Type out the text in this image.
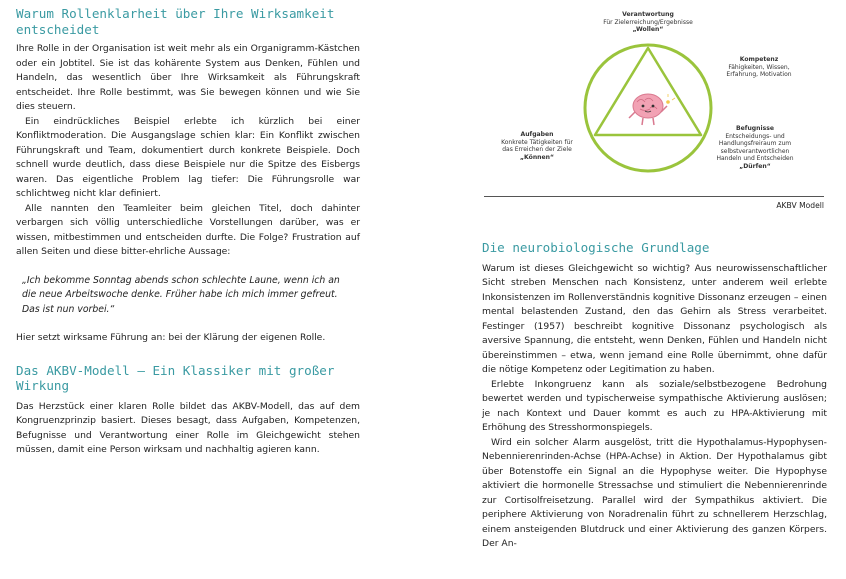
Warum Rollenklarheit über Ihre Wirksamkeit entscheidet

Ihre Rolle in der Organisation ist weit mehr als ein Organigramm-Kästchen oder ein Jobtitel. Sie ist das kohärente System aus Denken, Fühlen und Handeln, das wesentlich über Ihre Wirksamkeit als Führungskraft entscheidet. Ihre Rolle bestimmt, was Sie bewegen können und wie Sie dies steuern.

Ein eindrückliches Beispiel erlebte ich kürzlich bei einer Konfliktmoderation. Die Ausgangslage schien klar: Ein Konflikt zwischen Führungskraft und Team, dokumentiert durch konkrete Beispiele. Doch schnell wurde deutlich, dass diese Beispiele nur die Spitze des Eisbergs waren. Das eigentliche Problem lag tiefer: Die Führungsrolle war schlichtweg nicht klar definiert.

Alle nannten den Teamleiter beim gleichen Titel, doch dahinter verbargen sich völlig unterschiedliche Vorstellungen darüber, was er wissen, mitbestimmen und entscheiden durfte. Die Folge? Frustration auf allen Seiten und diese bitter-ehrliche Aussage:

„Ich bekomme Sonntag abends schon schlechte Laune, wenn ich an die neue Arbeitswoche denke. Früher habe ich mich immer gefreut. Das ist nun vorbei.“

Hier setzt wirksame Führung an: bei der Klärung der eigenen Rolle.

Das AKBV-Modell – Ein Klassiker mit großer Wirkung

Das Herzstück einer klaren Rolle bildet das AKBV-Modell, das auf dem Kongruenzprinzip basiert. Dieses besagt, dass Aufgaben, Kompetenzen, Befugnisse und Verantwortung einer Rolle im Gleichgewicht stehen müssen, damit eine Person wirksam und nachhaltig agieren kann.

Verantwortung
Für Zielerreichung/Ergebnisse

„Wollen“
Kompetenz
Fähigkeiten, Wissen,
Erfahrung, Motivation
Aufgaben
Konkrete Tätigkeiten für
das Erreichen der Ziele

„Können“
Befugnisse
Entscheidungs- und
Handlungsfreiraum zum
selbstverantwortlichen
Handeln und Entscheiden

„Dürfen“
AKBV Modell
Die neurobiologische Grundlage

Warum ist dieses Gleichgewicht so wichtig? Aus neurowissenschaftlicher Sicht streben Menschen nach Konsistenz, unter anderem weil erlebte Inkonsistenzen im Rollenverständnis kognitive Dissonanz erzeugen – einen mental belastenden Zustand, den das Gehirn als Stress verarbeitet. Festinger (1957) beschreibt kognitive Dissonanz psychologisch als aversive Spannung, die entsteht, wenn Denken, Fühlen und Handeln nicht übereinstimmen – etwa, wenn jemand eine Rolle übernimmt, ohne dafür die nötige Kompetenz oder Legitimation zu haben.

Erlebte Inkongruenz kann als soziale/selbstbezogene Bedrohung bewertet werden und typischerweise sympathische Aktivierung auslösen; je nach Kontext und Dauer kommt es auch zu HPA-Aktivierung mit Erhöhung des Stresshormonspiegels.

Wird ein solcher Alarm ausgelöst, tritt die Hypothalamus-Hypophysen-Nebennierenrinden-Achse (HPA-Achse) in Aktion. Der Hypothalamus gibt über Botenstoffe ein Signal an die Hypophyse weiter. Die Hypophyse aktiviert die hormonelle Stressachse und stimuliert die Nebennierenrinde zur Cortisolfreisetzung. Parallel wird der Sympathikus aktiviert. Die periphere Aktivierung von Noradrenalin führt zu schnellerem Herzschlag, einem ansteigenden Blutdruck und einer Aktivierung des ganzen Körpers. Der An-
